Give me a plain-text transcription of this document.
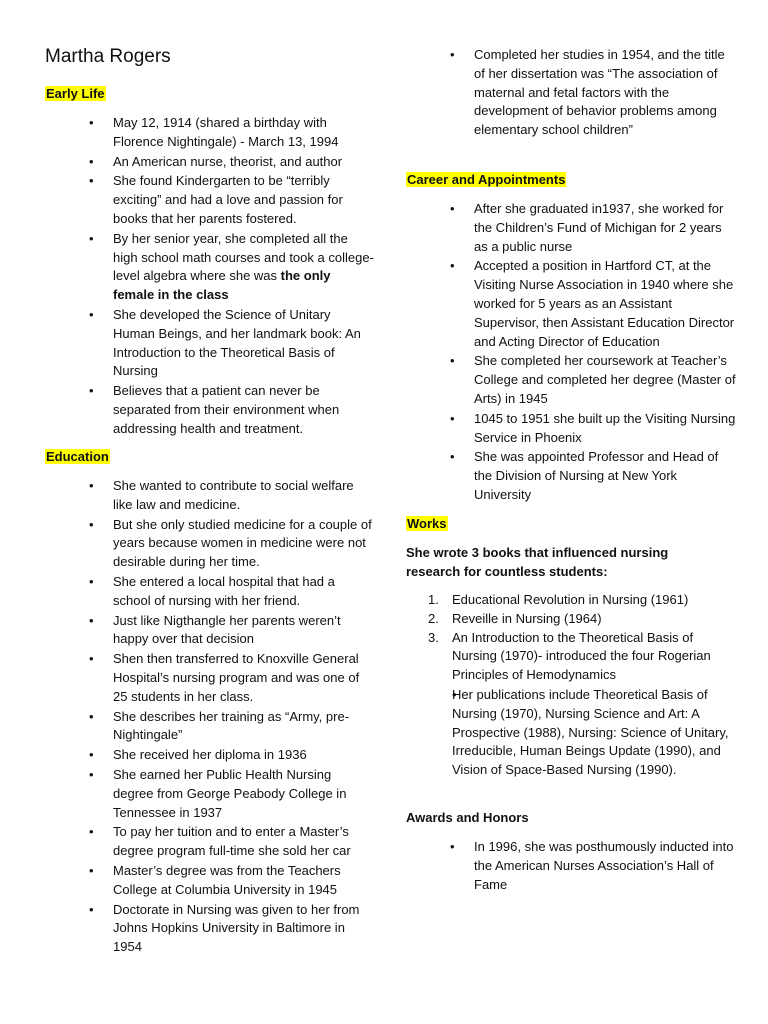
Martha Rogers
Early Life
• May 12, 1914 (shared a birthday with Florence Nightingale) - March 13, 1994
• An American nurse, theorist, and author
• She found Kindergarten to be “terribly exciting” and had a love and passion for books that her parents fostered.
• By her senior year, she completed all the high school math courses and took a college-level algebra where she was the only female in the class
• She developed the Science of Unitary Human Beings, and her landmark book: An Introduction to the Theoretical Basis of Nursing
• Believes that a patient can never be separated from their environment when addressing health and treatment.
Education
• She wanted to contribute to social welfare like law and medicine.
• But she only studied medicine for a couple of years because women in medicine were not desirable during her time.
• She entered a local hospital that had a school of nursing with her friend.
• Just like Nigthangle her parents weren’t happy over that decision
• Shen then transferred to Knoxville General Hospital’s nursing program and was one of 25 students in her class.
• She describes her training as “Army, pre-Nightingale”
• She received her diploma in 1936
• She earned her Public Health Nursing degree from George Peabody College in Tennessee in 1937
• To pay her tuition and to enter a Master’s degree program full-time she sold her car
• Master’s degree was from the Teachers College at Columbia University in 1945
• Doctorate in Nursing was given to her from Johns Hopkins University in Baltimore in 1954
• Completed her studies in 1954, and the title of her dissertation was “The association of maternal and fetal factors with the development of behavior problems among elementary school children”
Career and Appointments
• After she graduated in1937, she worked for the Children’s Fund of Michigan for 2 years as a public nurse
• Accepted a position in Hartford CT, at the Visiting Nurse Association in 1940 where she worked for 5 years as an Assistant Supervisor, then Assistant Education Director and Acting Director of Education
• She completed her coursework at Teacher’s College and completed her degree (Master of Arts) in 1945
• 1045 to 1951 she built up the Visiting Nursing Service in Phoenix
• She was appointed Professor and Head of the Division of Nursing at New York University
Works

She wrote 3 books that influenced nursing research for countless students:

1. Educational Revolution in Nursing (1961)
2. Reveille in Nursing (1964)
3. An Introduction to the Theoretical Basis of Nursing (1970)- introduced the four Rogerian Principles of Hemodynamics
• Her publications include Theoretical Basis of Nursing (1970), Nursing Science and Art: A Prospective (1988), Nursing: Science of Unitary, Irreducible, Human Beings Update (1990), and Vision of Space-Based Nursing (1990).
Awards and Honors
• In 1996, she was posthumously inducted into the American Nurses Association’s Hall of Fame
